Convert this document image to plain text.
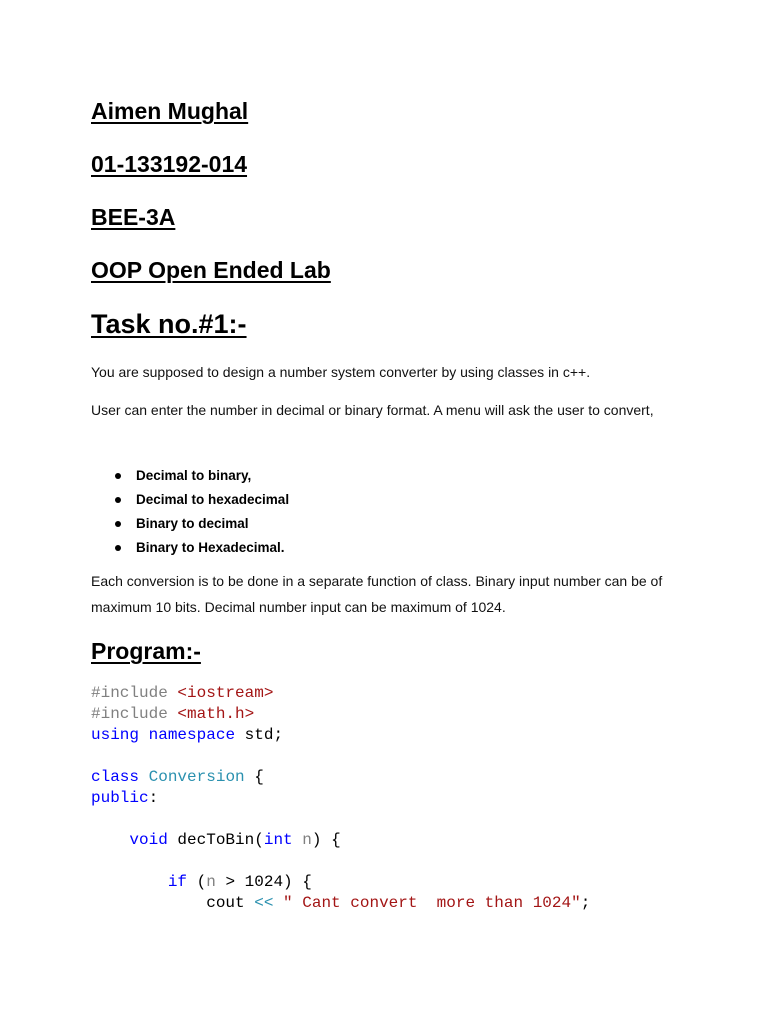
Aimen Mughal
01-133192-014
BEE-3A
OOP Open Ended Lab
Task no.#1:-

You are supposed to design a number system converter by using classes in c++.

User can enter the number in decimal or binary format. A menu will ask the user to convert,

Decimal to binary,
Decimal to hexadecimal
Binary to decimal
Binary to Hexadecimal.

Each conversion is to be done in a separate function of class. Binary input number can be of maximum 10 bits. Decimal number input can be maximum of 1024.

Program:-
#include <iostream>
#include <math.h>
using namespace std;

class Conversion {
public:

void decToBin(int n) {

if (n > 1024) {
cout << " Cant convert  more than 1024";
